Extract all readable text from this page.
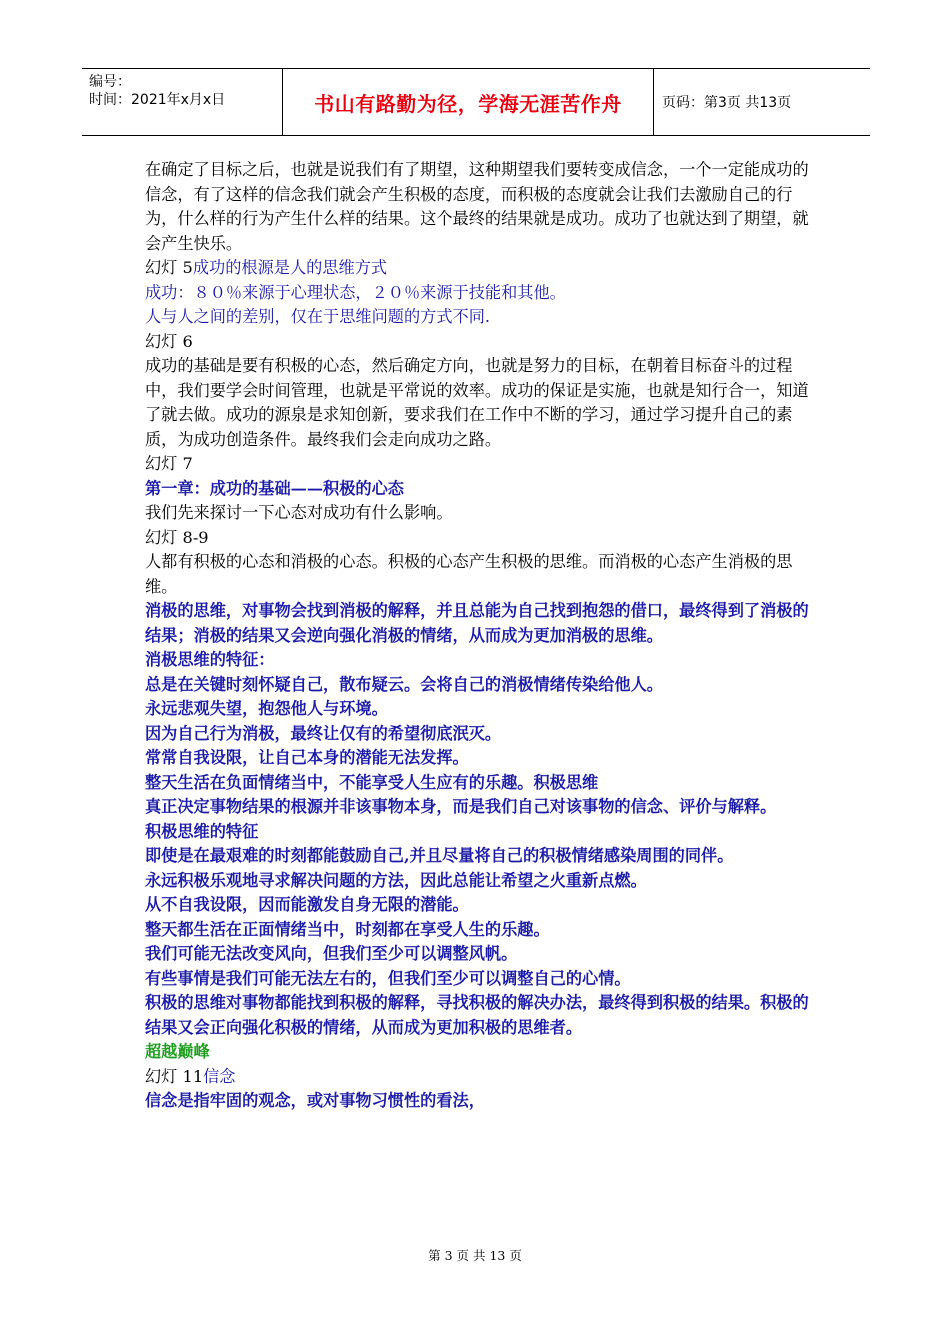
编号：
时间：2021年x月x日	书山有路勤为径，学海无涯苦作舟	页码：第3页 共13页

在确定了目标之后，也就是说我们有了期望，这种期望我们要转变成信念，一个一定能成功的信念，有了这样的信念我们就会产生积极的态度，而积极的态度就会让我们去激励自己的行为，什么样的行为产生什么样的结果。这个最终的结果就是成功。成功了也就达到了期望，就会产生快乐。

幻灯 5成功的根源是人的思维方式

成功：８０％来源于心理状态，２０％来源于技能和其他。

人与人之间的差别，仅在于思维问题的方式不同.

幻灯 6

成功的基础是要有积极的心态，然后确定方向，也就是努力的目标，在朝着目标奋斗的过程中，我们要学会时间管理，也就是平常说的效率。成功的保证是实施，也就是知行合一，知道了就去做。成功的源泉是求知创新，要求我们在工作中不断的学习，通过学习提升自己的素质，为成功创造条件。最终我们会走向成功之路。

幻灯 7

第一章：成功的基础——积极的心态

我们先来探讨一下心态对成功有什么影响。

幻灯 8-9

人都有积极的心态和消极的心态。积极的心态产生积极的思维。而消极的心态产生消极的思维。

消极的思维，对事物会找到消极的解释，并且总能为自己找到抱怨的借口，最终得到了消极的结果；消极的结果又会逆向强化消极的情绪，从而成为更加消极的思维。

消极思维的特征：

总是在关键时刻怀疑自己，散布疑云。会将自己的消极情绪传染给他人。

永远悲观失望，抱怨他人与环境。

因为自己行为消极，最终让仅有的希望彻底泯灭。

常常自我设限，让自己本身的潜能无法发挥。

整天生活在负面情绪当中，不能享受人生应有的乐趣。积极思维

真正决定事物结果的根源并非该事物本身，而是我们自己对该事物的信念、评价与解释。

积极思维的特征

即使是在最艰难的时刻都能鼓励自己,并且尽量将自己的积极情绪感染周围的同伴。

永远积极乐观地寻求解决问题的方法，因此总能让希望之火重新点燃。

从不自我设限，因而能激发自身无限的潜能。

整天都生活在正面情绪当中，时刻都在享受人生的乐趣。

我们可能无法改变风向，但我们至少可以调整风帆。

有些事情是我们可能无法左右的，但我们至少可以调整自己的心情。

积极的思维对事物都能找到积极的解释，寻找积极的解决办法，最终得到积极的结果。积极的结果又会正向强化积极的情绪，从而成为更加积极的思维者。

超越巅峰

幻灯 11信念

信念是指牢固的观念，或对事物习惯性的看法，

第 3 页 共 13 页
